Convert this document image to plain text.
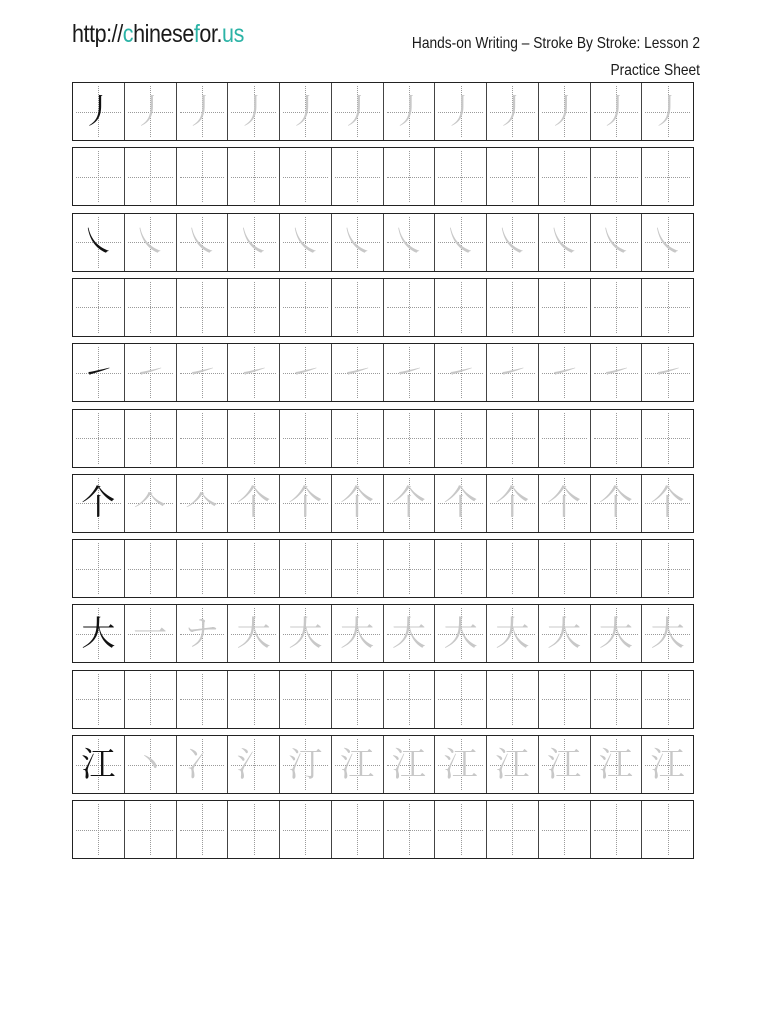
http://chinesefor.us	Hands-on Writing – Stroke By Stroke: Lesson 2
Practice Sheet
丿 丿 丿 丿 丿 丿 丿 丿 丿 丿 丿 丿
㇏ ㇏ ㇏ ㇏ ㇏ ㇏ ㇏ ㇏ ㇏ ㇏ ㇏ ㇏
㇀ ㇀ ㇀ ㇀ ㇀ ㇀ ㇀ ㇀ ㇀ ㇀ ㇀ ㇀
个 𠆢 𠆢 个 个 个 个 个 个 个 个 个
大 一 ナ 大 大 大 大 大 大 大 大 大
江 丶 冫 氵 汀 江 江 江 江 江 江 江
